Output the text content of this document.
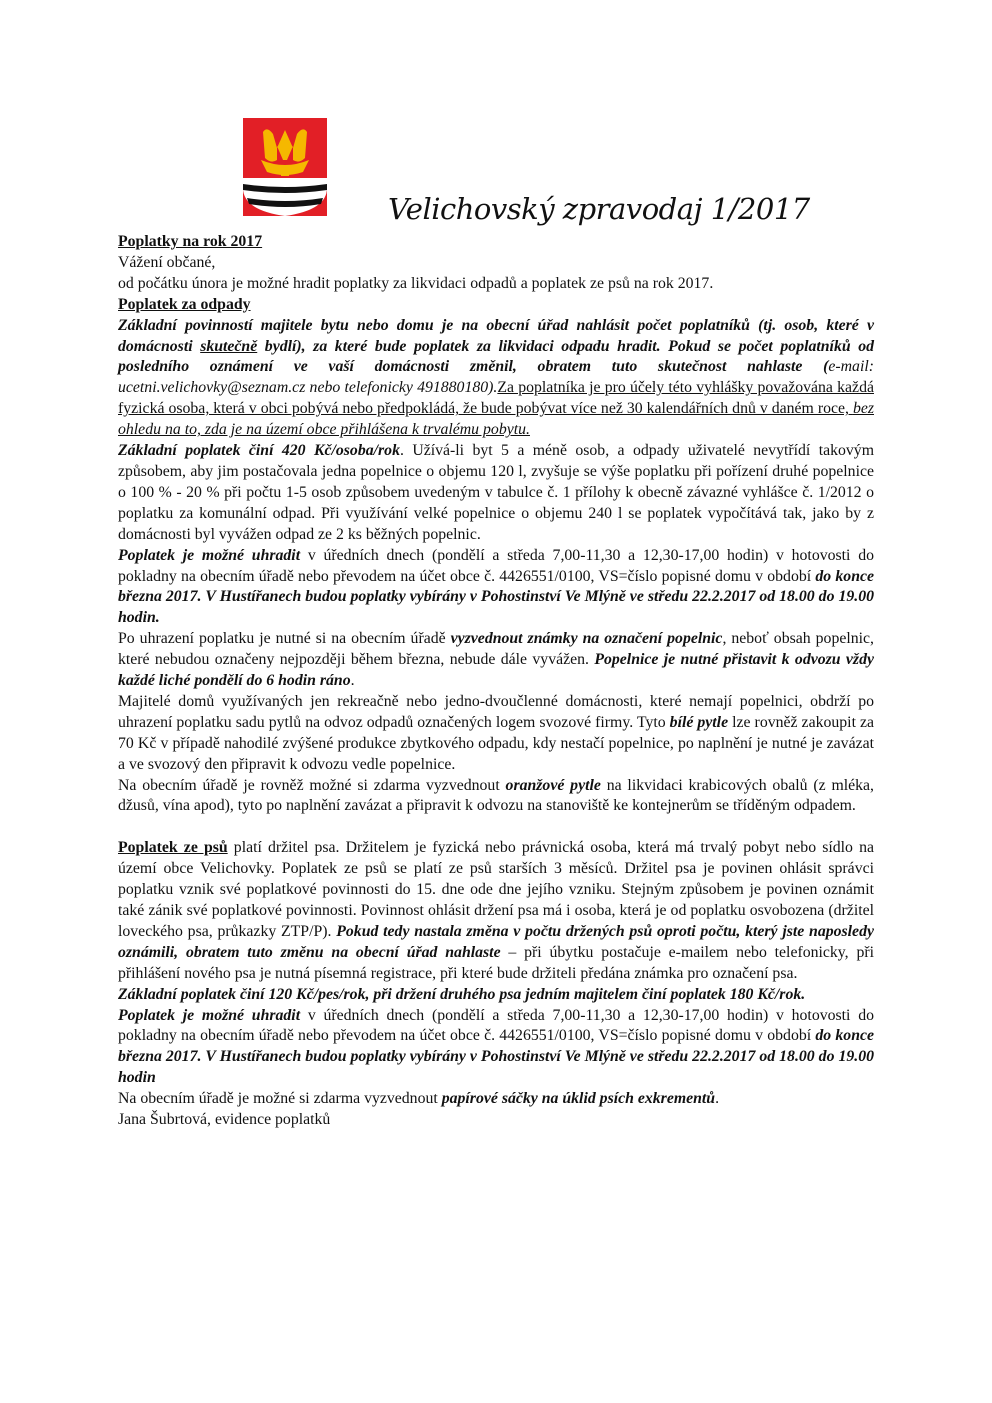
Velichovský zpravodaj 1/2017

Poplatky na rok 2017

Vážení občané,

od počátku února je možné hradit poplatky za likvidaci odpadů a poplatek ze psů na rok 2017.

Poplatek za odpady

Základní povinností majitele bytu nebo domu je na obecní úřad nahlásit počet poplatníků (tj. osob, které v domácnosti skutečně bydlí), za které bude poplatek za likvidaci odpadu hradit. Pokud se počet poplatníků od posledního oznámení ve vaší domácnosti změnil, obratem tuto skutečnost nahlaste (e-mail: ucetni.velichovky@seznam.cz nebo telefonicky 491880180).Za poplatníka je pro účely této vyhlášky považována každá fyzická osoba, která v obci pobývá nebo předpokládá, že bude pobývat více než 30 kalendářních dnů v daném roce, bez ohledu na to, zda je na území obce přihlášena k trvalému pobytu.

Základní poplatek činí 420 Kč/osoba/rok. Užívá-li byt 5 a méně osob, a odpady uživatelé nevytřídí takovým způsobem, aby jim postačovala jedna popelnice o objemu 120 l, zvyšuje se výše poplatku při pořízení druhé popelnice o 100 % - 20 % při počtu 1-5 osob způsobem uvedeným v tabulce č. 1 přílohy k obecně závazné vyhlášce č. 1/2012 o poplatku za komunální odpad. Při využívání velké popelnice o objemu 240 l se poplatek vypočítává tak, jako by z domácnosti byl vyvážen odpad ze 2 ks běžných popelnic.

Poplatek je možné uhradit v úředních dnech (pondělí a středa 7,00-11,30 a 12,30-17,00 hodin) v hotovosti do pokladny na obecním úřadě nebo převodem na účet obce č. 4426551/0100, VS=číslo popisné domu v období do konce března 2017. V Hustířanech budou poplatky vybírány v Pohostinství Ve Mlýně ve středu 22.2.2017 od 18.00 do 19.00 hodin.

Po uhrazení poplatku je nutné si na obecním úřadě vyzvednout známky na označení popelnic, neboť obsah popelnic, které nebudou označeny nejpozději během března, nebude dále vyvážen. Popelnice je nutné přistavit k odvozu vždy každé liché pondělí do 6 hodin ráno.

Majitelé domů využívaných jen rekreačně nebo jedno-dvoučlenné domácnosti, které nemají popelnici, obdrží po uhrazení poplatku sadu pytlů na odvoz odpadů označených logem svozové firmy. Tyto bílé pytle lze rovněž zakoupit za 70 Kč v případě nahodilé zvýšené produkce zbytkového odpadu, kdy nestačí popelnice, po naplnění je nutné je zavázat a ve svozový den připravit k odvozu vedle popelnice.

Na obecním úřadě je rovněž možné si zdarma vyzvednout oranžové pytle na likvidaci krabicových obalů (z mléka, džusů, vína apod), tyto po naplnění zavázat a připravit k odvozu na stanoviště ke kontejnerům se tříděným odpadem.

Poplatek ze psů platí držitel psa. Držitelem je fyzická nebo právnická osoba, která má trvalý pobyt nebo sídlo na území obce Velichovky. Poplatek ze psů se platí ze psů starších 3 měsíců. Držitel psa je povinen ohlásit správci poplatku vznik své poplatkové povinnosti do 15. dne ode dne jejího vzniku. Stejným způsobem je povinen oznámit také zánik své poplatkové povinnosti. Povinnost ohlásit držení psa má i osoba, která je od poplatku osvobozena (držitel loveckého psa, průkazky ZTP/P). Pokud tedy nastala změna v počtu držených psů oproti počtu, který jste naposledy oznámili, obratem tuto změnu na obecní úřad nahlaste – při úbytku postačuje e-mailem nebo telefonicky, při přihlášení nového psa je nutná písemná registrace, při které bude držiteli předána známka pro označení psa.

Základní poplatek činí 120 Kč/pes/rok, při držení druhého psa jedním majitelem činí poplatek 180 Kč/rok.

Poplatek je možné uhradit v úředních dnech (pondělí a středa 7,00-11,30 a 12,30-17,00 hodin) v hotovosti do pokladny na obecním úřadě nebo převodem na účet obce č. 4426551/0100, VS=číslo popisné domu v období do konce března 2017. V Hustířanech budou poplatky vybírány v Pohostinství Ve Mlýně ve středu 22.2.2017 od 18.00 do 19.00 hodin

Na obecním úřadě je možné si zdarma vyzvednout papírové sáčky na úklid psích exkrementů.

Jana Šubrtová, evidence poplatků
